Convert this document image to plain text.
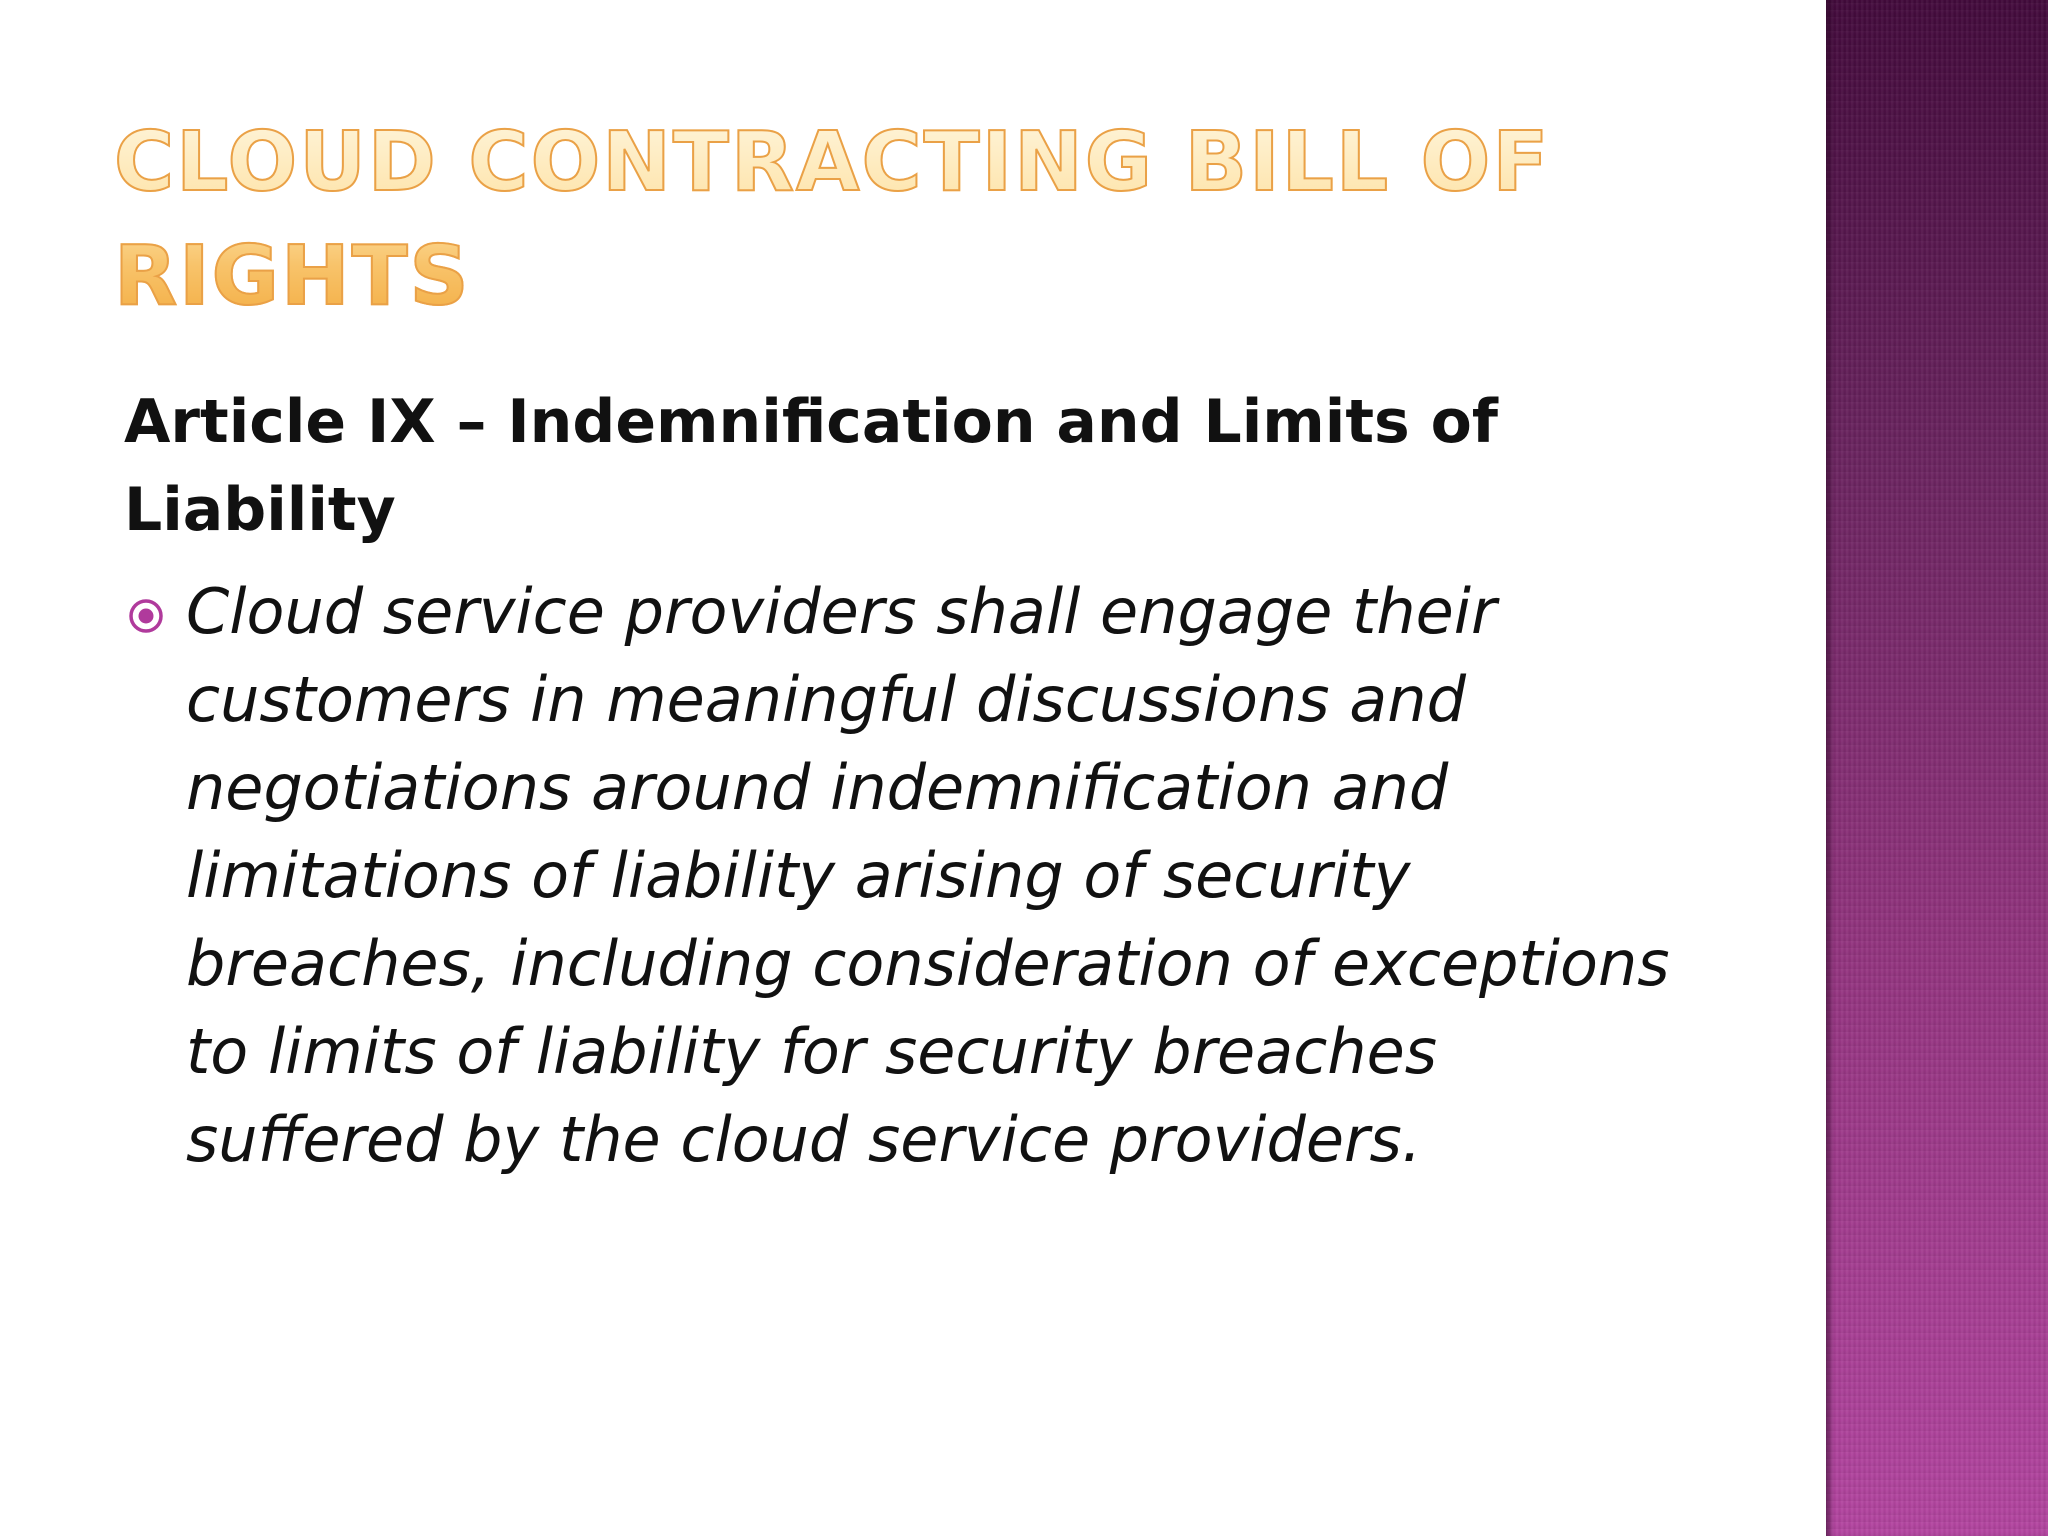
CLOUD CONTRACTING BILL OF RIGHTS
Article IX – Indemnification and Limits of Liability

Cloud service providers shall engage their customers in meaningful discussions and negotiations around indemnification and limitations of liability arising of security breaches, including consideration of exceptions to limits of liability for security breaches suffered by the cloud service providers.
